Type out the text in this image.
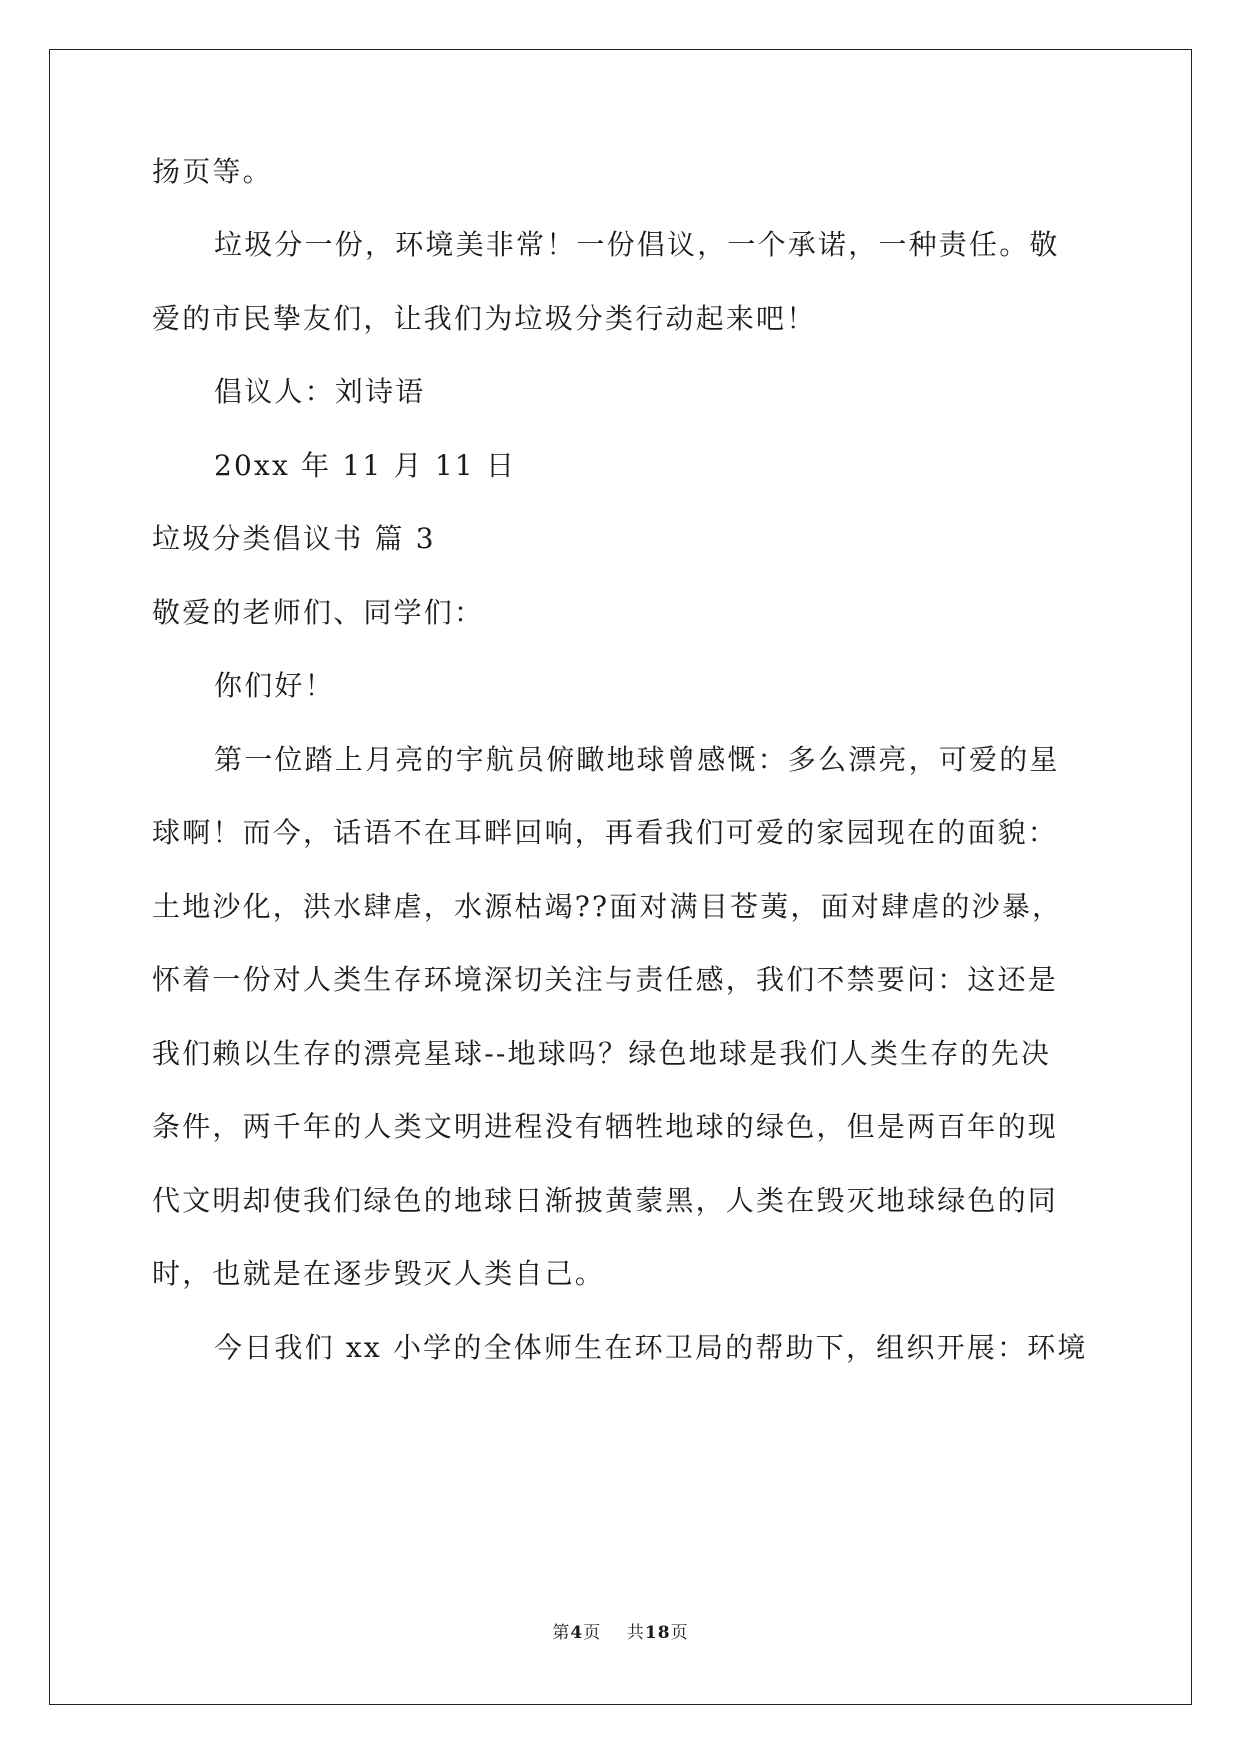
扬页等。
垃圾分一份，环境美非常！一份倡议，一个承诺，一种责任。敬
爱的市民挚友们，让我们为垃圾分类行动起来吧！
倡议人：刘诗语
20xx 年 11 月 11 日
垃圾分类倡议书 篇 3
敬爱的老师们、同学们：
你们好！
第一位踏上月亮的宇航员俯瞰地球曾感慨：多么漂亮，可爱的星
球啊！而今，话语不在耳畔回响，再看我们可爱的家园现在的面貌：
土地沙化，洪水肆虐，水源枯竭??面对满目苍荑，面对肆虐的沙暴，
怀着一份对人类生存环境深切关注与责任感，我们不禁要问：这还是
我们赖以生存的漂亮星球--地球吗？绿色地球是我们人类生存的先决
条件，两千年的人类文明进程没有牺牲地球的绿色，但是两百年的现
代文明却使我们绿色的地球日渐披黄蒙黑，人类在毁灭地球绿色的同
时，也就是在逐步毁灭人类自己。
今日我们 xx 小学的全体师生在环卫局的帮助下，组织开展：环境
第4页 共18页
